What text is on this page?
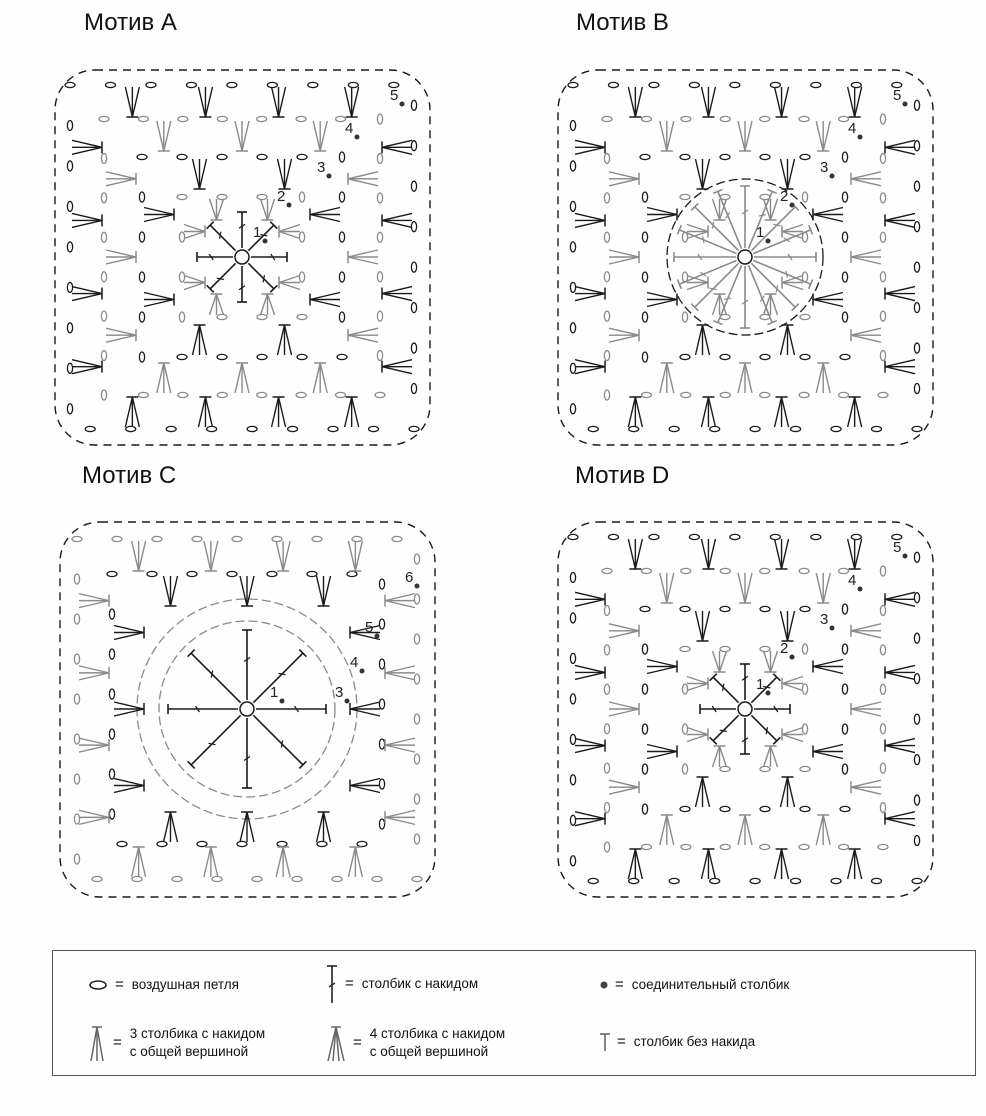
Мотив A	Мотив B
Мотив C	Мотив D
1
2
3
4
5
1
2
3
4
5
1	3
4
5
6
1
2
3
4
5
= воздушная петля	= столбик с накидом	= соединительный столбик
=
3 столбика с накидом
с общей вершиной
=
4 столбика с накидом
с общей вершиной
= столбик без накида
